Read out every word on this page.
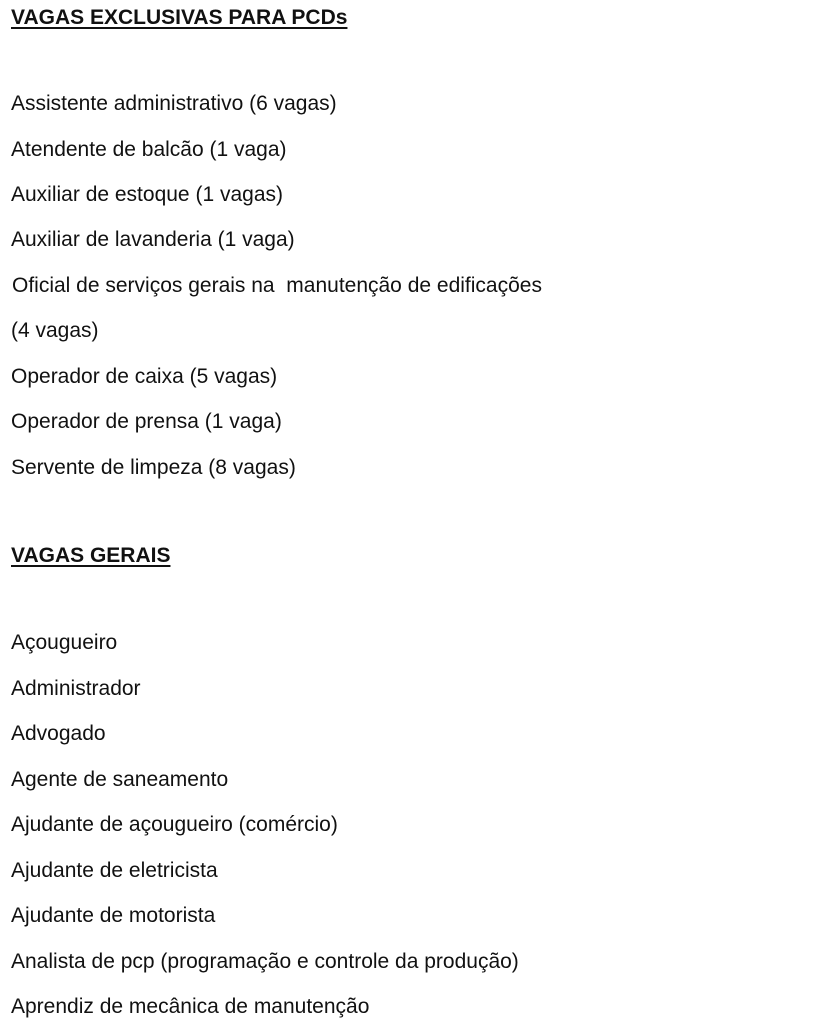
VAGAS EXCLUSIVAS PARA PCDs

Assistente administrativo (6 vagas)

Atendente de balcão (1 vaga)

Auxiliar de estoque (1 vagas)

Auxiliar de lavanderia (1 vaga)

Oficial de serviços gerais na  manutenção de edificações

(4 vagas)

Operador de caixa (5 vagas)

Operador de prensa (1 vaga)

Servente de limpeza (8 vagas)

VAGAS GERAIS

Açougueiro

Administrador

Advogado

Agente de saneamento

Ajudante de açougueiro (comércio)

Ajudante de eletricista

Ajudante de motorista

Analista de pcp (programação e controle da produção)

Aprendiz de mecânica de manutenção
